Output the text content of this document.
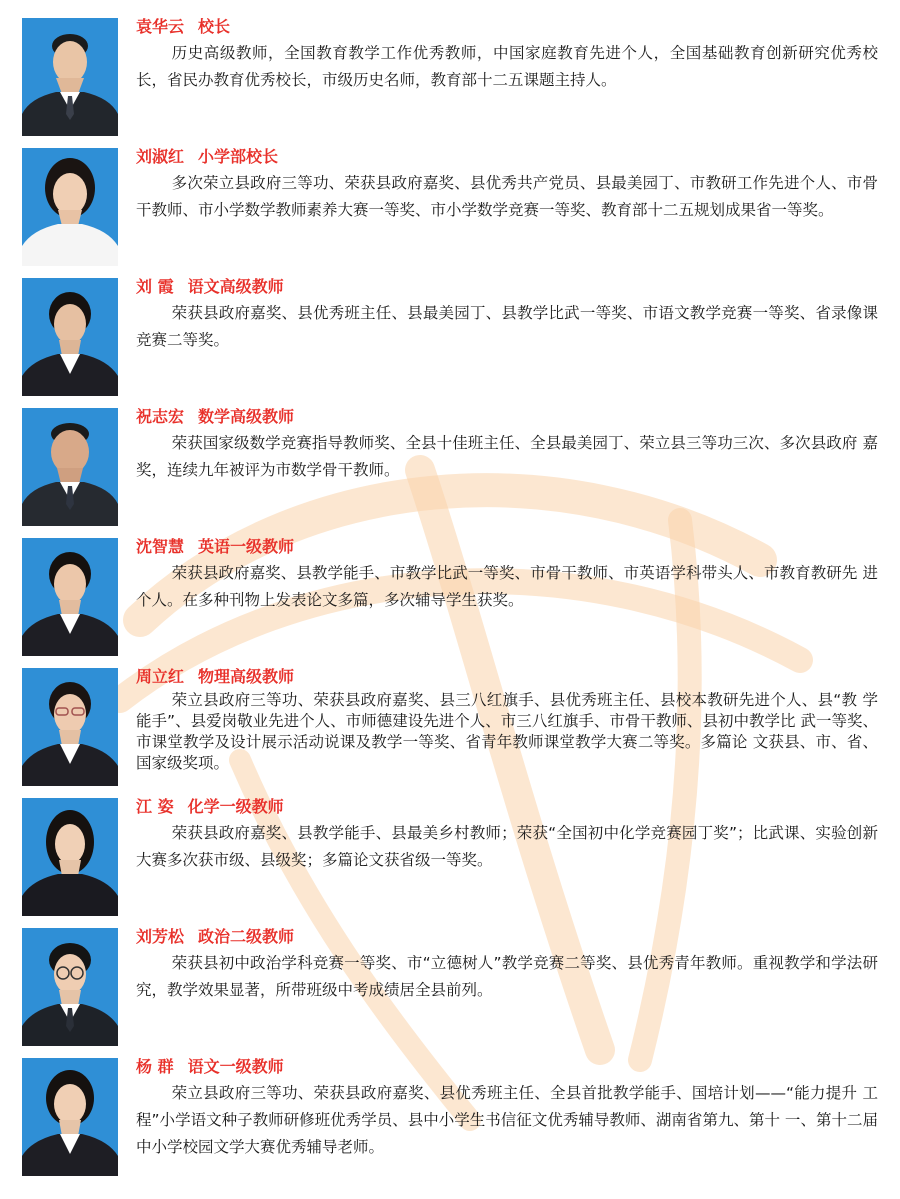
袁华云 校长

历史高级教师，全国教育教学工作优秀教师，中国家庭教育先进个人，全国基础教育创新研究优秀校长，省民办教育优秀校长，市级历史名师，教育部十二五课题主持人。

刘淑红 小学部校长

多次荣立县政府三等功、荣获县政府嘉奖、县优秀共产党员、县最美园丁、市教研工作先进个人、市骨干教师、市小学数学教师素养大赛一等奖、市小学数学竞赛一等奖、教育部十二五规划成果省一等奖。

刘 霞 语文高级教师

荣获县政府嘉奖、县优秀班主任、县最美园丁、县教学比武一等奖、市语文教学竞赛一等奖、省录像课竞赛二等奖。

祝志宏 数学高级教师

荣获国家级数学竞赛指导教师奖、全县十佳班主任、全县最美园丁、荣立县三等功三次、多次县政府 嘉奖，连续九年被评为市数学骨干教师。

沈智慧 英语一级教师

荣获县政府嘉奖、县教学能手、市教学比武一等奖、市骨干教师、市英语学科带头人、市教育教研先 进个人。在多种刊物上发表论文多篇，多次辅导学生获奖。

周立红 物理高级教师

荣立县政府三等功、荣获县政府嘉奖、县三八红旗手、县优秀班主任、县校本教研先进个人、县“教 学能手”、县爱岗敬业先进个人、市师德建设先进个人、市三八红旗手、市骨干教师、县初中教学比 武一等奖、市课堂教学及设计展示活动说课及教学一等奖、省青年教师课堂教学大赛二等奖。多篇论 文获县、市、省、国家级奖项。

江 姿 化学一级教师

荣获县政府嘉奖、县教学能手、县最美乡村教师；荣获“全国初中化学竞赛园丁奖”；比武课、实验创新大赛多次获市级、县级奖；多篇论文获省级一等奖。

刘芳松 政治二级教师

荣获县初中政治学科竞赛一等奖、市“立德树人”教学竞赛二等奖、县优秀青年教师。重视教学和学法研究，教学效果显著，所带班级中考成绩居全县前列。

杨 群 语文一级教师

荣立县政府三等功、荣获县政府嘉奖、县优秀班主任、全县首批教学能手、国培计划——“能力提升 工程”小学语文种子教师研修班优秀学员、县中小学生书信征文优秀辅导教师、湖南省第九、第十 一、第十二届中小学校园文学大赛优秀辅导老师。
